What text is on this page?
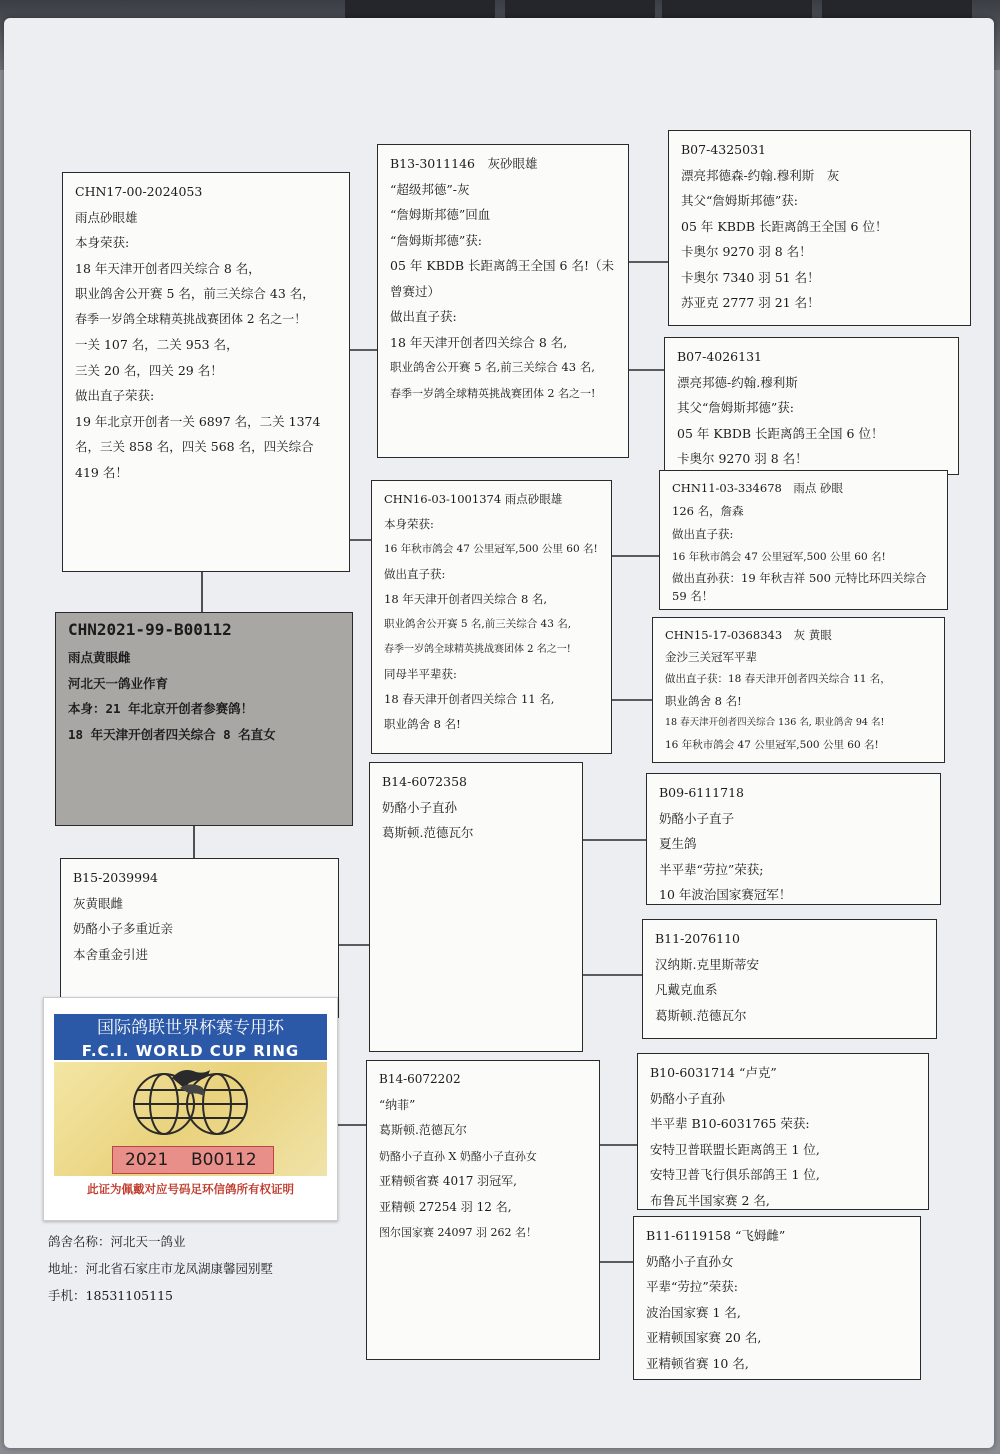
CHN17-00-2024053
雨点砂眼雄
本身荣获:
18 年天津开创者四关综合 8 名，
职业鸽舍公开赛 5 名，前三关综合 43 名，
春季一岁鸽全球精英挑战赛团体 2 名之一！
一关 107 名，二关 953 名，
三关 20 名，四关 29 名！
做出直子荣获:
19 年北京开创者一关 6897 名，二关 1374 名，三关 858 名，四关 568 名，四关综合 419 名！
B13-3011146　灰砂眼雄
“超级邦德”-灰
“詹姆斯邦德”回血
“詹姆斯邦德”获:
05 年 KBDB 长距离鸽王全国 6 名!（未曾赛过）
做出直子获:
18 年天津开创者四关综合 8 名,
职业鸽舍公开赛 5 名,前三关综合 43 名,
春季一岁鸽全球精英挑战赛团体 2 名之一!
B07-4325031
漂亮邦德森-约翰.穆利斯　灰
其父“詹姆斯邦德”获:
05 年 KBDB 长距离鸽王全国 6 位！
卡奥尔 9270 羽 8 名！
卡奥尔 7340 羽 51 名！
苏亚克 2777 羽 21 名！
B07-4026131
漂亮邦德-约翰.穆利斯
其父“詹姆斯邦德”获:
05 年 KBDB 长距离鸽王全国 6 位！
卡奥尔 9270 羽 8 名！
CHN16-03-1001374 雨点砂眼雄
本身荣获:
16 年秋市鸽会 47 公里冠军,500 公里 60 名!
做出直子获:
18 年天津开创者四关综合 8 名,
职业鸽舍公开赛 5 名,前三关综合 43 名,
春季一岁鸽全球精英挑战赛团体 2 名之一!
同母半平辈获:
18 春天津开创者四关综合 11 名,
职业鸽舍 8 名!
CHN11-03-334678　雨点 砂眼
126 名，詹森
做出直子获:
16 年秋市鸽会 47 公里冠军,500 公里 60 名!
做出直孙获：19 年秋吉祥 500 元特比环四关综合 59 名！
CHN15-17-0368343　灰 黄眼
金沙三关冠军平辈
做出直子获：18 春天津开创者四关综合 11 名，
职业鸽舍 8 名!
18 春天津开创者四关综合 136 名, 职业鸽舍 94 名!
16 年秋市鸽会 47 公里冠军,500 公里 60 名!
CHN2021-99-B00112
雨点黄眼雌
河北天一鸽业作育
本身：21 年北京开创者参赛鸽！
18 年天津开创者四关综合 8 名直女
B15-2039994
灰黄眼雌
奶酪小子多重近亲
本舍重金引进
B14-6072358
奶酪小子直孙
葛斯顿.范德瓦尔
B09-6111718
奶酪小子直子
夏生鸽
半平辈“劳拉”荣获;
10 年波治国家赛冠军！
B11-2076110
汉纳斯.克里斯蒂安
凡戴克血系
葛斯顿.范德瓦尔
B14-6072202
“纳菲”
葛斯顿.范德瓦尔
奶酪小子直孙 X 奶酪小子直孙女
亚精顿省赛 4017 羽冠军,
亚精顿 27254 羽 12 名,
图尔国家赛 24097 羽 262 名！
B10-6031714 “卢克”
奶酪小子直孙
半平辈 B10-6031765 荣获:
安特卫普联盟长距离鸽王 1 位,
安特卫普飞行俱乐部鸽王 1 位,
布鲁瓦半国家赛 2 名,
B11-6119158 “飞姆雌”
奶酪小子直孙女
平辈“劳拉”荣获:
波治国家赛 1 名,
亚精顿国家赛 20 名,
亚精顿省赛 10 名,
国际鸽联世界杯赛专用环
F.C.I. WORLD CUP RING
2021 B00112
此证为佩戴对应号码足环信鸽所有权证明
鸽舍名称：河北天一鸽业
地址：河北省石家庄市龙凤湖康馨园别墅
手机：18531105115
